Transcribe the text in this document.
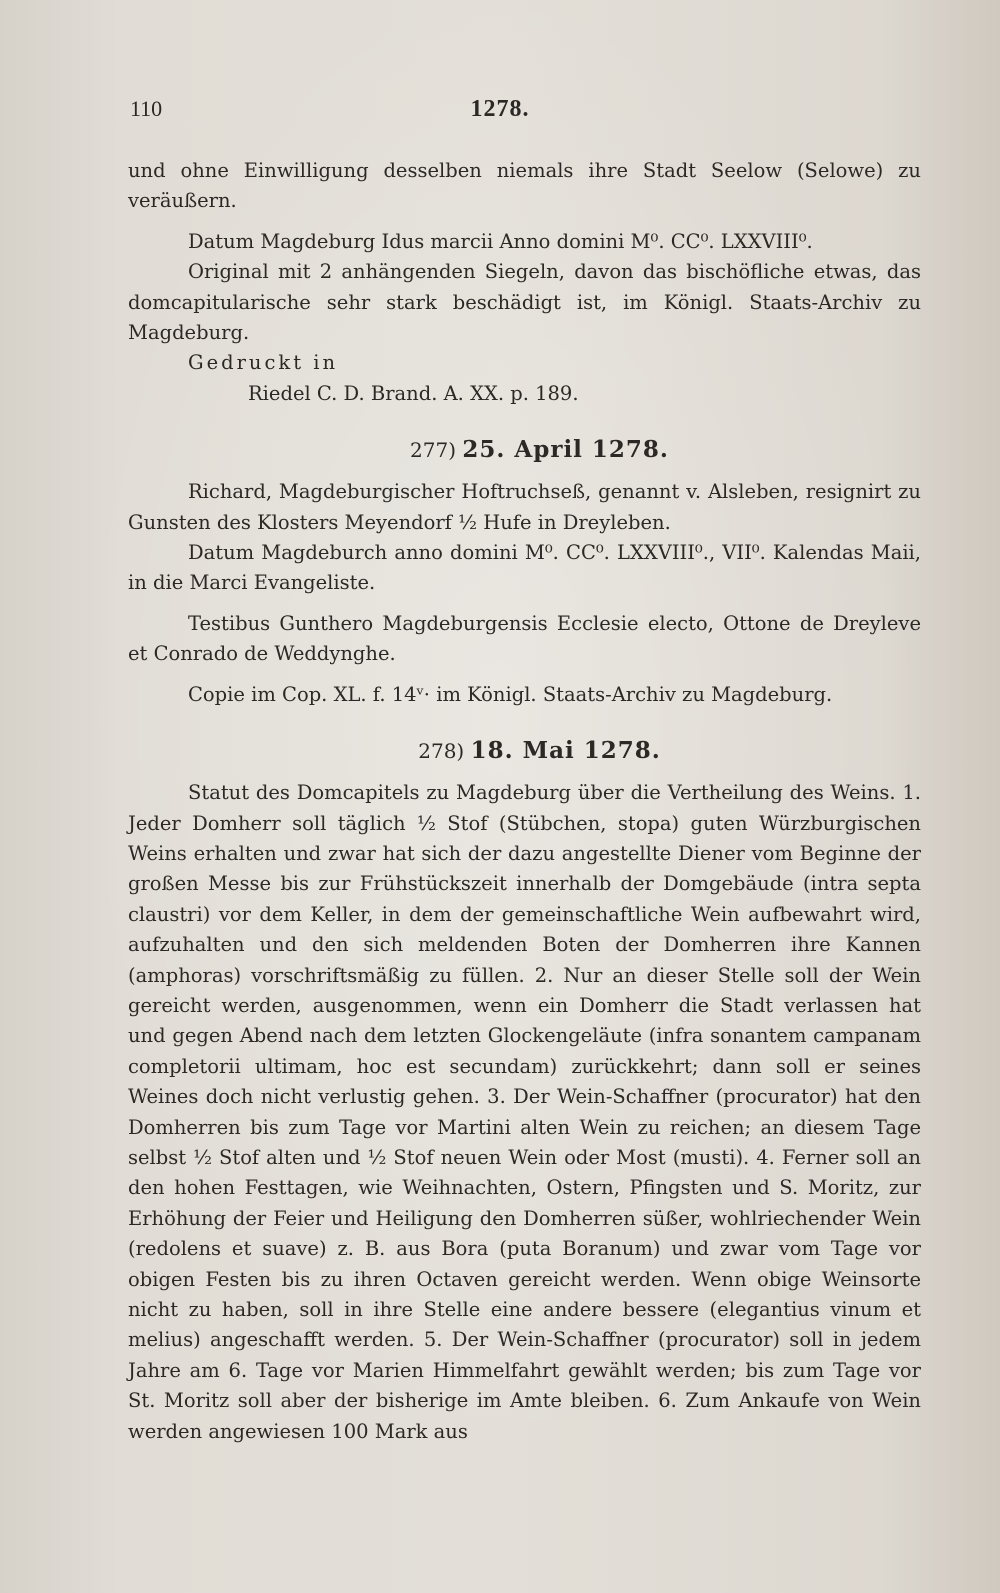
110	1278.

und ohne Einwilligung desselben niemals ihre Stadt Seelow (Selowe) zu veräußern.

Datum Magdeburg Idus marcii Anno domini M⁰. CC⁰. LXXVIII⁰.

Original mit 2 anhängenden Siegeln, davon das bischöfliche etwas, das domcapitularische sehr stark beschädigt ist, im Königl. Staats-Archiv zu Magdeburg.

Gedruckt in

Riedel C. D. Brand. A. XX. p. 189.

277) 25. April 1278.

Richard, Magdeburgischer Hoftruchseß, genannt v. Alsleben, resignirt zu Gunsten des Klosters Meyendorf ½ Hufe in Dreyleben.

Datum Magdeburch anno domini M⁰. CC⁰. LXXVIII⁰., VII⁰. Kalendas Maii, in die Marci Evangeliste.

Testibus Gunthero Magdeburgensis Ecclesie electo, Ottone de Dreyleve et Conrado de Weddynghe.

Copie im Cop. XL. f. 14ᵛ· im Königl. Staats-Archiv zu Magdeburg.

278) 18. Mai 1278.

Statut des Domcapitels zu Magdeburg über die Vertheilung des Weins. 1. Jeder Domherr soll täglich ½ Stof (Stübchen, stopa) guten Würzburgischen Weins erhalten und zwar hat sich der dazu angestellte Diener vom Beginne der großen Messe bis zur Frühstückszeit innerhalb der Domgebäude (intra septa claustri) vor dem Keller, in dem der gemeinschaftliche Wein aufbewahrt wird, aufzuhalten und den sich meldenden Boten der Domherren ihre Kannen (amphoras) vorschriftsmäßig zu füllen. 2. Nur an dieser Stelle soll der Wein gereicht werden, ausgenommen, wenn ein Domherr die Stadt verlassen hat und gegen Abend nach dem letzten Glockengeläute (infra sonantem campanam completorii ultimam, hoc est secundam) zurückkehrt; dann soll er seines Weines doch nicht verlustig gehen. 3. Der Wein-Schaffner (procurator) hat den Domherren bis zum Tage vor Martini alten Wein zu reichen; an diesem Tage selbst ½ Stof alten und ½ Stof neuen Wein oder Most (musti). 4. Ferner soll an den hohen Festtagen, wie Weihnachten, Ostern, Pfingsten und S. Moritz, zur Erhöhung der Feier und Heiligung den Domherren süßer, wohlriechender Wein (redolens et suave) z. B. aus Bora (puta Boranum) und zwar vom Tage vor obigen Festen bis zu ihren Octaven gereicht werden. Wenn obige Weinsorte nicht zu haben, soll in ihre Stelle eine andere bessere (elegantius vinum et melius) angeschafft werden. 5. Der Wein-Schaffner (procurator) soll in jedem Jahre am 6. Tage vor Marien Himmelfahrt gewählt werden; bis zum Tage vor St. Moritz soll aber der bisherige im Amte bleiben. 6. Zum Ankaufe von Wein werden angewiesen 100 Mark aus
